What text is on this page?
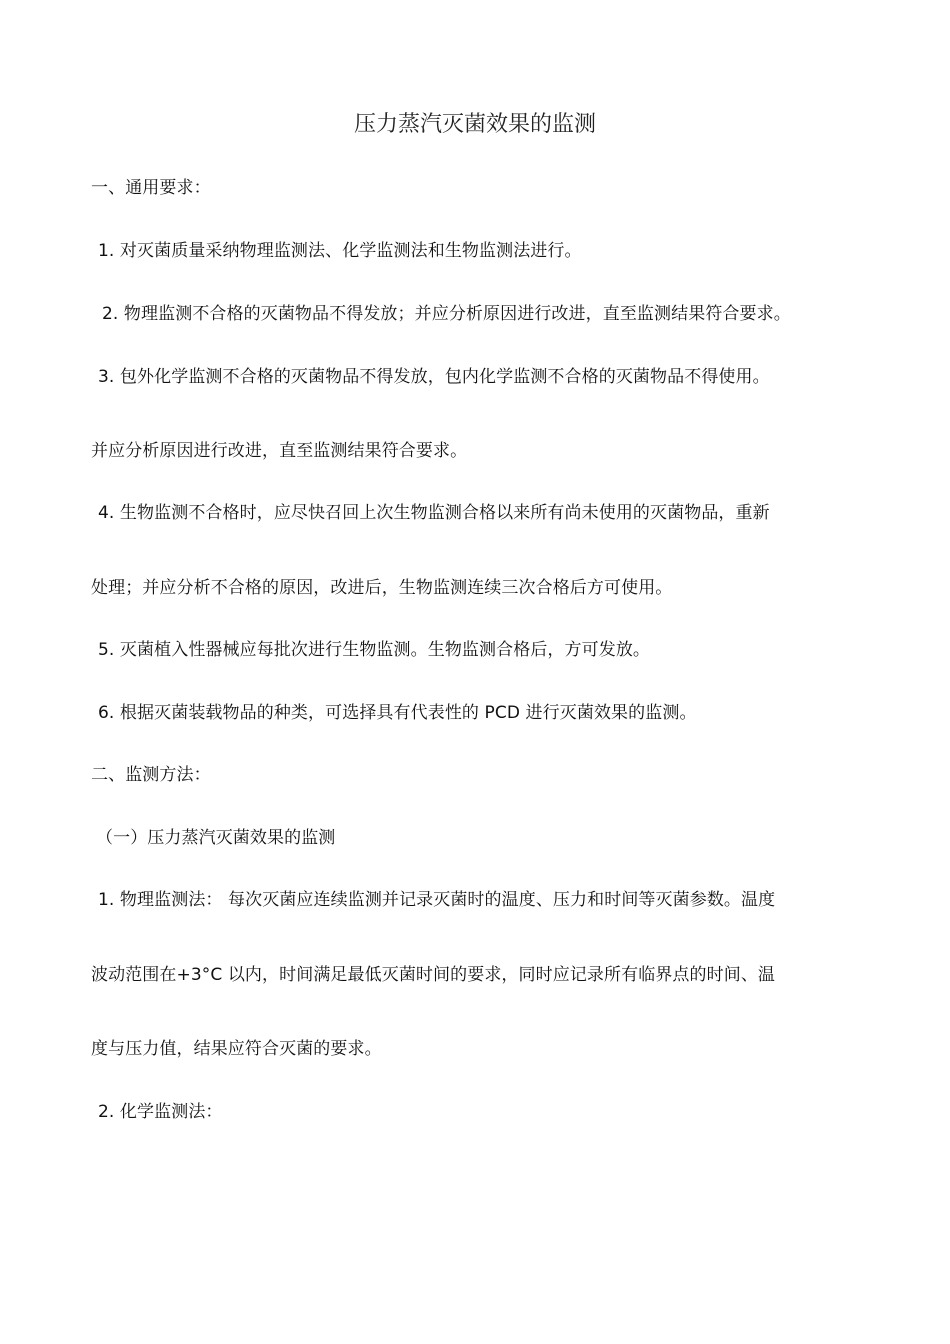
压力蒸汽灭菌效果的监测
一、通用要求：
1. 对灭菌质量采纳物理监测法、化学监测法和生物监测法进行。
2. 物理监测不合格的灭菌物品不得发放；并应分析原因进行改进，直至监测结果符合要求。
3. 包外化学监测不合格的灭菌物品不得发放，包内化学监测不合格的灭菌物品不得使用。
并应分析原因进行改进，直至监测结果符合要求。
4. 生物监测不合格时，应尽快召回上次生物监测合格以来所有尚未使用的灭菌物品，重新
处理；并应分析不合格的原因，改进后，生物监测连续三次合格后方可使用。
5. 灭菌植入性器械应每批次进行生物监测。生物监测合格后，方可发放。
6. 根据灭菌装载物品的种类，可选择具有代表性的 PCD 进行灭菌效果的监测。
二、监测方法：
（一）压力蒸汽灭菌效果的监测
1. 物理监测法： 每次灭菌应连续监测并记录灭菌时的温度、压力和时间等灭菌参数。温度
波动范围在+3°C 以内，时间满足最低灭菌时间的要求，同时应记录所有临界点的时间、温
度与压力值，结果应符合灭菌的要求。
2. 化学监测法：
